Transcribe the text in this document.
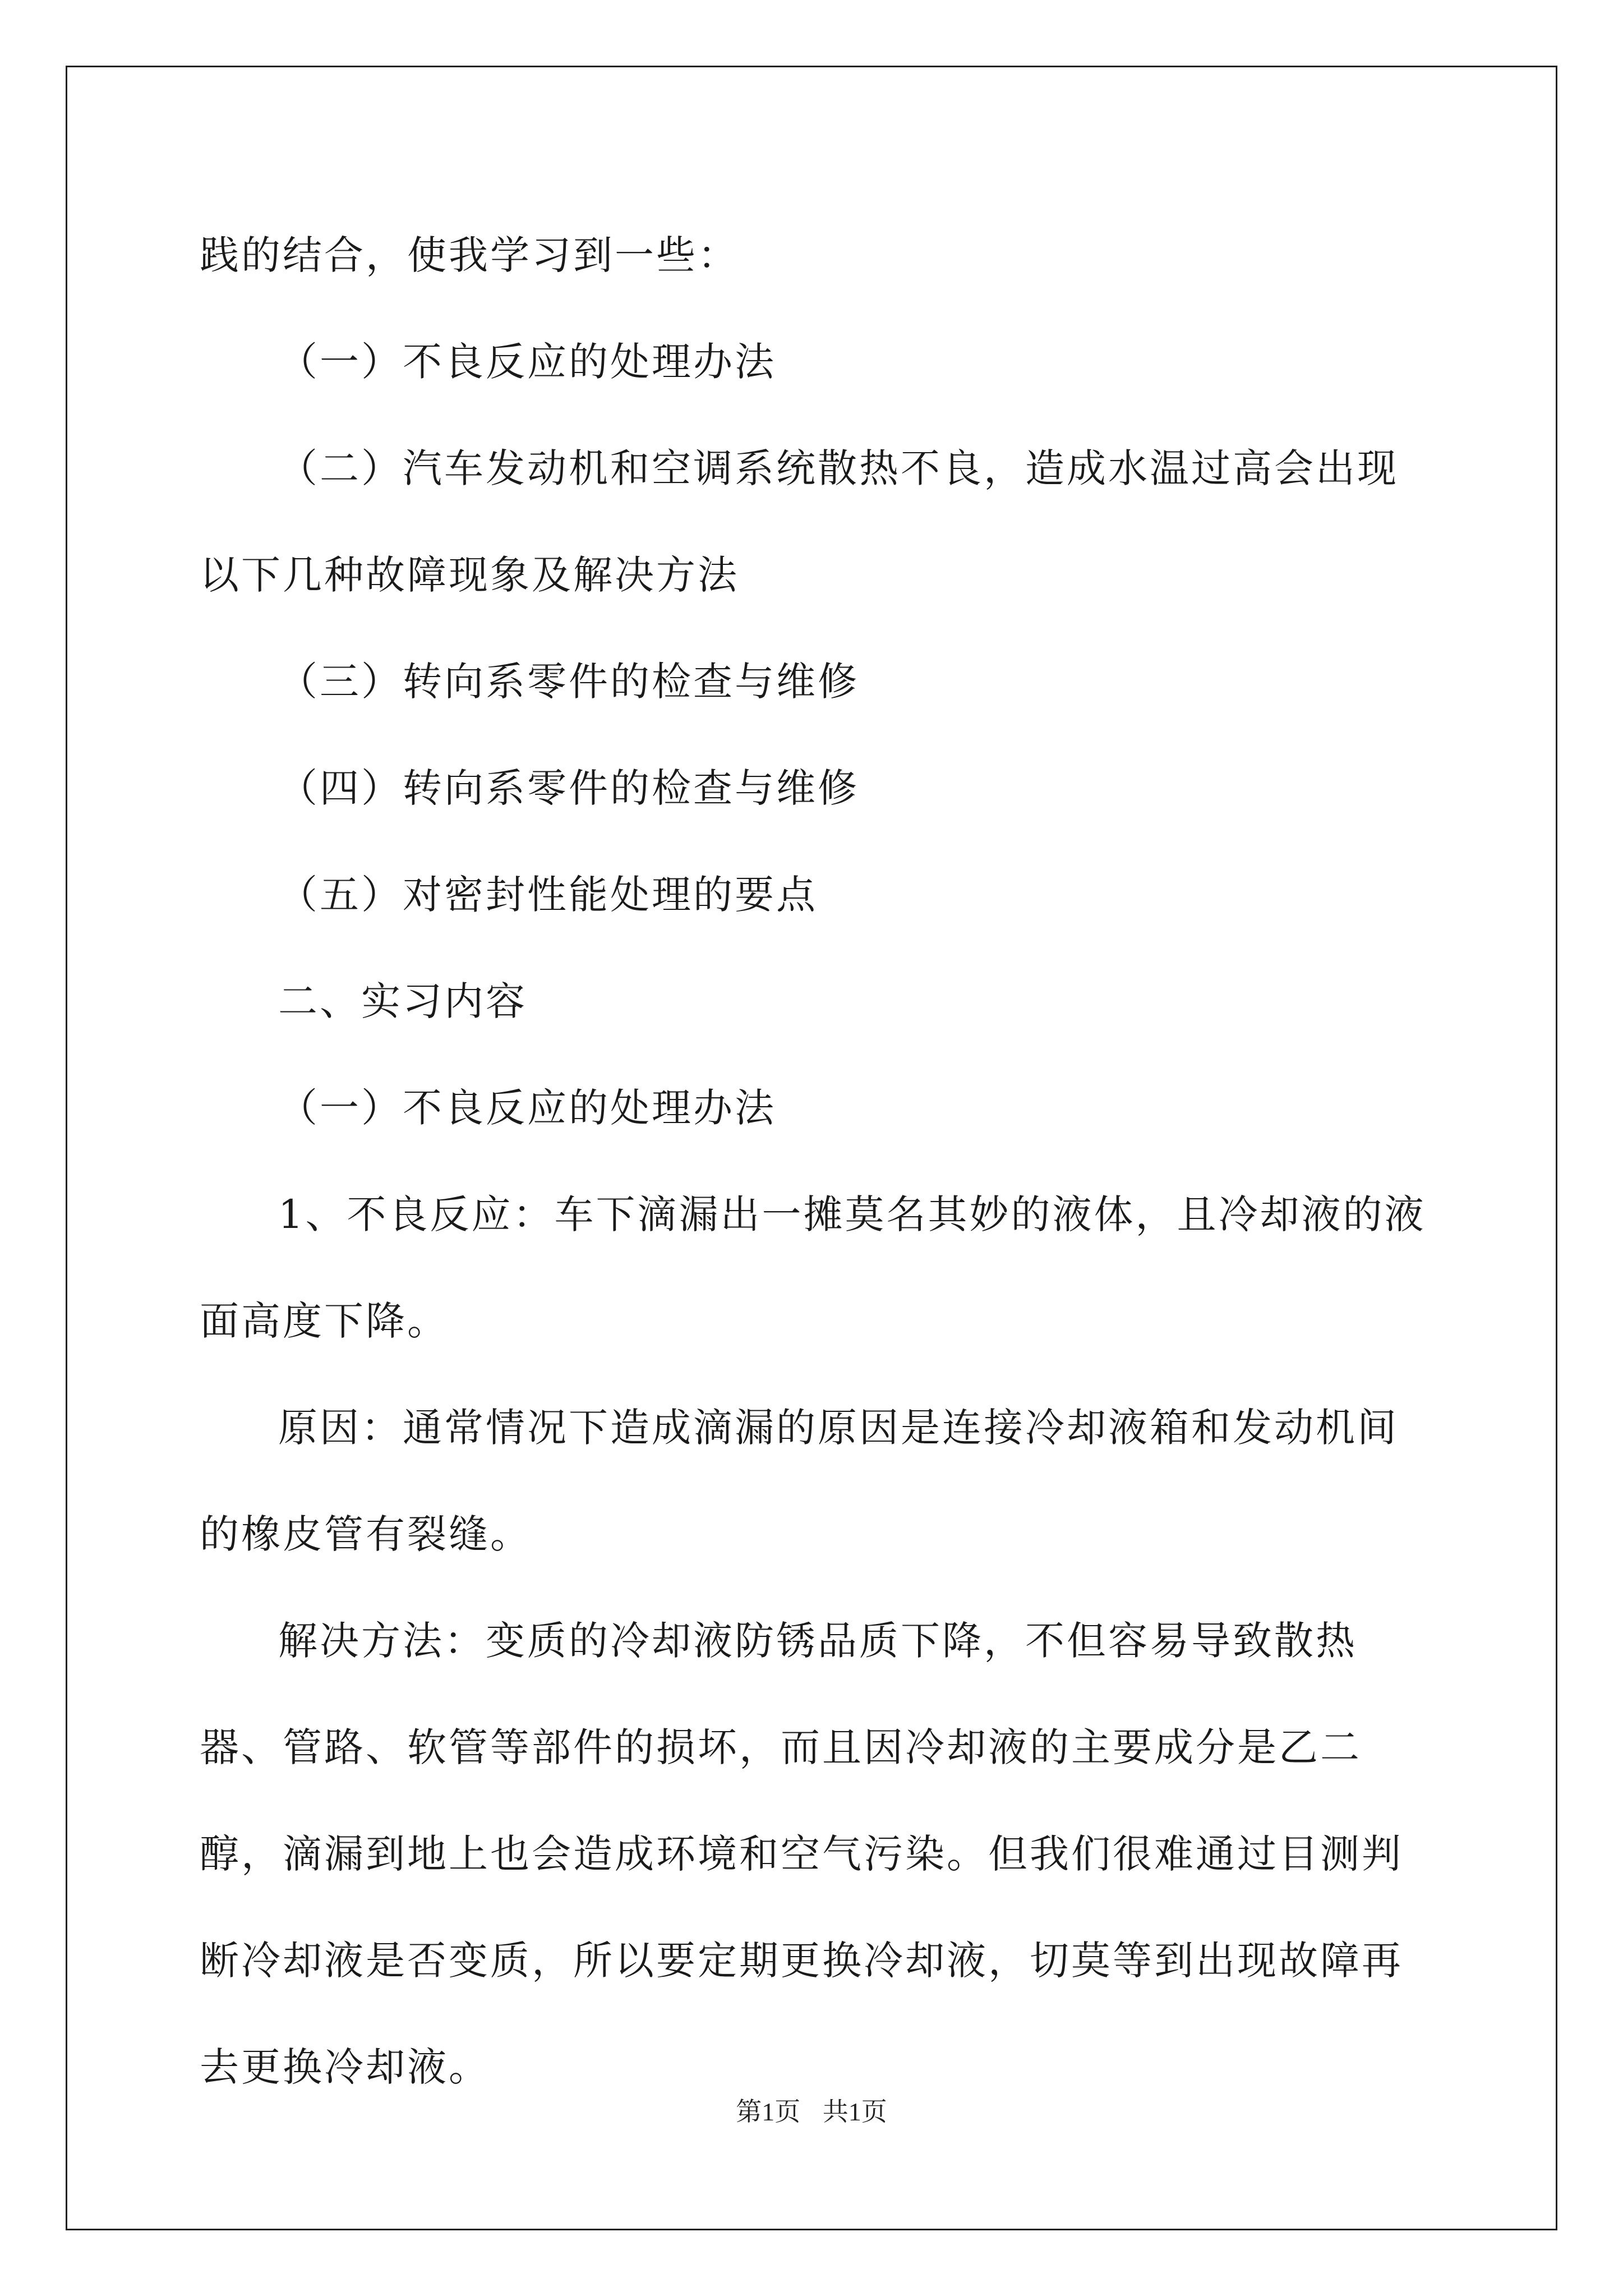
践的结合，使我学习到一些：

（一）不良反应的处理办法

（二）汽车发动机和空调系统散热不良，造成水温过高会出现以下几种故障现象及解决方法

（三）转向系零件的检查与维修

（四）转向系零件的检查与维修

（五）对密封性能处理的要点

二、实习内容

（一）不良反应的处理办法

1、不良反应：车下滴漏出一摊莫名其妙的液体，且冷却液的液面高度下降。

原因：通常情况下造成滴漏的原因是连接冷却液箱和发动机间的橡皮管有裂缝。

解决方法：变质的冷却液防锈品质下降，不但容易导致散热器、管路、软管等部件的损坏，而且因冷却液的主要成分是乙二醇，滴漏到地上也会造成环境和空气污染。但我们很难通过目测判断冷却液是否变质，所以要定期更换冷却液，切莫等到出现故障再去更换冷却液。

第1页 共1页
